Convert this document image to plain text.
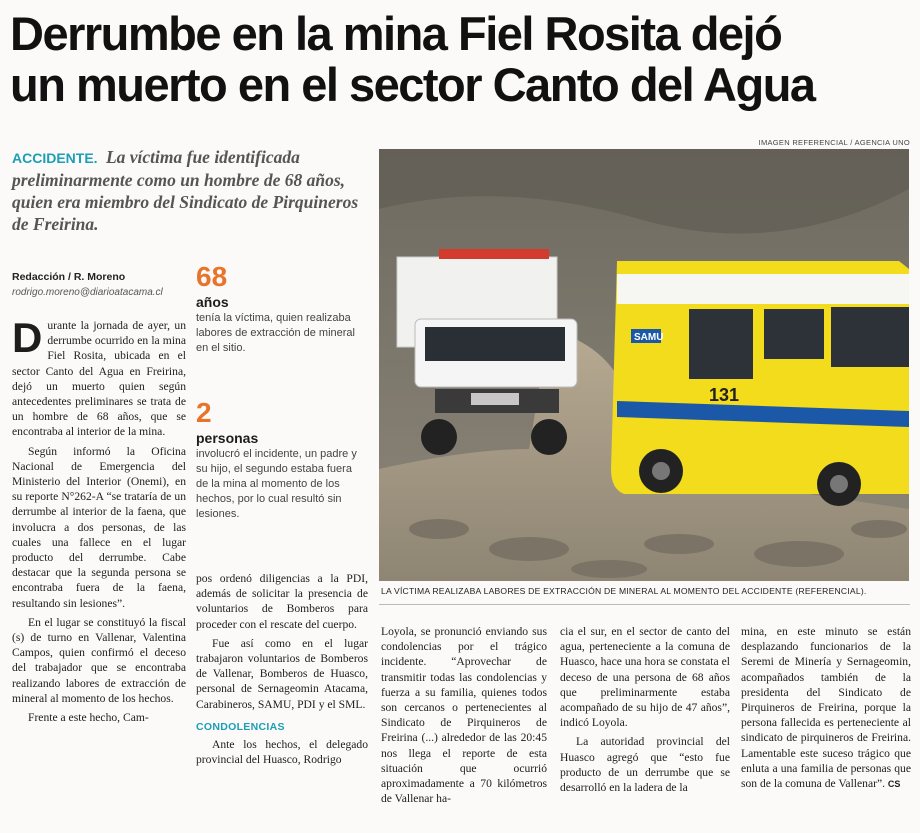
Derrumbe en la mina Fiel Rosita dejó
un muerto en el sector Canto del Agua
IMAGEN REFERENCIAL / AGENCIA UNO
ACCIDENTE. La víctima fue identificada preliminarmente como un hombre de 68 años, quien era miembro del Sindicato de Pirquineros de Freirina.
Redacción / R. Moreno
rodrigo.moreno@diarioatacama.cl

D urante la jornada de ayer, un derrumbe ocurrido en la mina Fiel Rosita, ubicada en el sector Canto del Agua en Freirina, dejó un muerto quien según antecedentes preliminares se trata de un hombre de 68 años, que se encontraba al interior de la mina.

Según informó la Oficina Nacional de Emergencia del Ministerio del Interior (Onemi), en su reporte N°262-A “se trataría de un derrumbe al interior de la faena, que involucra a dos personas, de las cuales una fallece en el lugar producto del derrumbe. Cabe destacar que la segunda persona se encontraba fuera de la faena, resultando sin lesiones”.

En el lugar se constituyó la fiscal (s) de turno en Vallenar, Valentina Campos, quien confirmó el deceso del trabajador que se encontraba realizando labores de extracción de mineral al momento de los hechos.

Frente a este hecho, Cam-

68
años
tenía la víctima, quien realizaba labores de extracción de mineral en el sitio.
2
personas
involucró el incidente, un padre y su hijo, el segundo estaba fuera de la mina al momento de los hechos, por lo cual resultó sin lesiones.

pos ordenó diligencias a la PDI, además de solicitar la presencia de voluntarios de Bomberos para proceder con el rescate del cuerpo.

Fue así como en el lugar trabajaron voluntarios de Bomberos de Vallenar, Bomberos de Huasco, personal de Sernageomin Atacama, Carabineros, SAMU, PDI y el SML.

CONDOLENCIAS

Ante los hechos, el delegado provincial del Huasco, Rodrigo

SAMU
131
LA VÍCTIMA REALIZABA LABORES DE EXTRACCIÓN DE MINERAL AL MOMENTO DEL ACCIDENTE (REFERENCIAL).

Loyola, se pronunció enviando sus condolencias por el trágico incidente. “Aprovechar de transmitir todas las condolencias y fuerza a su familia, quienes todos son cercanos o pertenecientes al Sindicato de Pirquineros de Freirina (...) alrededor de las 20:45 nos llega el reporte de esta situación que ocurrió aproximadamente a 70 kilómetros de Vallenar ha-

cia el sur, en el sector de canto del agua, perteneciente a la comuna de Huasco, hace una hora se constata el deceso de una persona de 68 años que preliminarmente estaba acompañado de su hijo de 47 años”, indicó Loyola.

La autoridad provincial del Huasco agregó que “esto fue producto de un derrumbe que se desarrolló en la ladera de la

mina, en este minuto se están desplazando funcionarios de la Seremi de Minería y Sernageomin, acompañados también de la presidenta del Sindicato de Pirquineros de Freirina, porque la persona fallecida es perteneciente al sindicato de pirquineros de Freirina. Lamentable este suceso trágico que enluta a una familia de personas que son de la comuna de Vallenar”. CS
